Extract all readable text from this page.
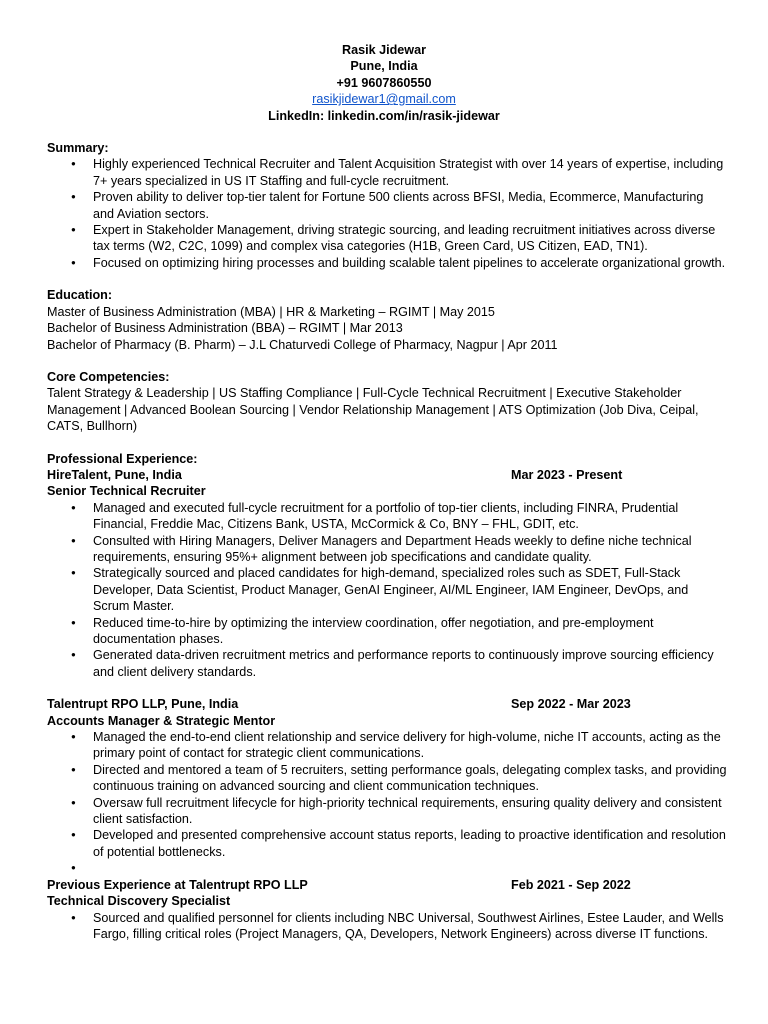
Rasik Jidewar
Pune, India
+91 9607860550
rasikjidewar1@gmail.com
LinkedIn: linkedin.com/in/rasik-jidewar
Summary:
● Highly experienced Technical Recruiter and Talent Acquisition Strategist with over 14 years of expertise, including 7+ years specialized in US IT Staffing and full-cycle recruitment.
● Proven ability to deliver top-tier talent for Fortune 500 clients across BFSI, Media, Ecommerce, Manufacturing and Aviation sectors.
● Expert in Stakeholder Management, driving strategic sourcing, and leading recruitment initiatives across diverse tax terms (W2, C2C, 1099) and complex visa categories (H1B, Green Card, US Citizen, EAD, TN1).
● Focused on optimizing hiring processes and building scalable talent pipelines to accelerate organizational growth.
Education:
Master of Business Administration (MBA) | HR & Marketing – RGIMT | May 2015
Bachelor of Business Administration (BBA) – RGIMT | Mar 2013
Bachelor of Pharmacy (B. Pharm) – J.L Chaturvedi College of Pharmacy, Nagpur | Apr 2011
Core Competencies:
Talent Strategy & Leadership | US Staffing Compliance | Full-Cycle Technical Recruitment | Executive Stakeholder Management | Advanced Boolean Sourcing | Vendor Relationship Management | ATS Optimization (Job Diva, Ceipal, CATS, Bullhorn)
Professional Experience:
HireTalent, Pune, India	Mar 2023 - Present
Senior Technical Recruiter
● Managed and executed full-cycle recruitment for a portfolio of top-tier clients, including FINRA, Prudential Financial, Freddie Mac, Citizens Bank, USTA, McCormick & Co, BNY – FHL, GDIT, etc.
● Consulted with Hiring Managers, Deliver Managers and Department Heads weekly to define niche technical requirements, ensuring 95%+ alignment between job specifications and candidate quality.
● Strategically sourced and placed candidates for high-demand, specialized roles such as SDET, Full-Stack Developer, Data Scientist, Product Manager, GenAI Engineer, AI/ML Engineer, IAM Engineer, DevOps, and Scrum Master.
● Reduced time-to-hire by optimizing the interview coordination, offer negotiation, and pre-employment documentation phases.
● Generated data-driven recruitment metrics and performance reports to continuously improve sourcing efficiency and client delivery standards.
Talentrupt RPO LLP, Pune, India	Sep 2022 - Mar 2023
Accounts Manager & Strategic Mentor
● Managed the end-to-end client relationship and service delivery for high-volume, niche IT accounts, acting as the primary point of contact for strategic client communications.
● Directed and mentored a team of 5 recruiters, setting performance goals, delegating complex tasks, and providing continuous training on advanced sourcing and client communication techniques.
● Oversaw full recruitment lifecycle for high-priority technical requirements, ensuring quality delivery and consistent client satisfaction.
● Developed and presented comprehensive account status reports, leading to proactive identification and resolution of potential bottlenecks.
●
Previous Experience at Talentrupt RPO LLP	Feb 2021 - Sep 2022
Technical Discovery Specialist
● Sourced and qualified personnel for clients including NBC Universal, Southwest Airlines, Estee Lauder, and Wells Fargo, filling critical roles (Project Managers, QA, Developers, Network Engineers) across diverse IT functions.
